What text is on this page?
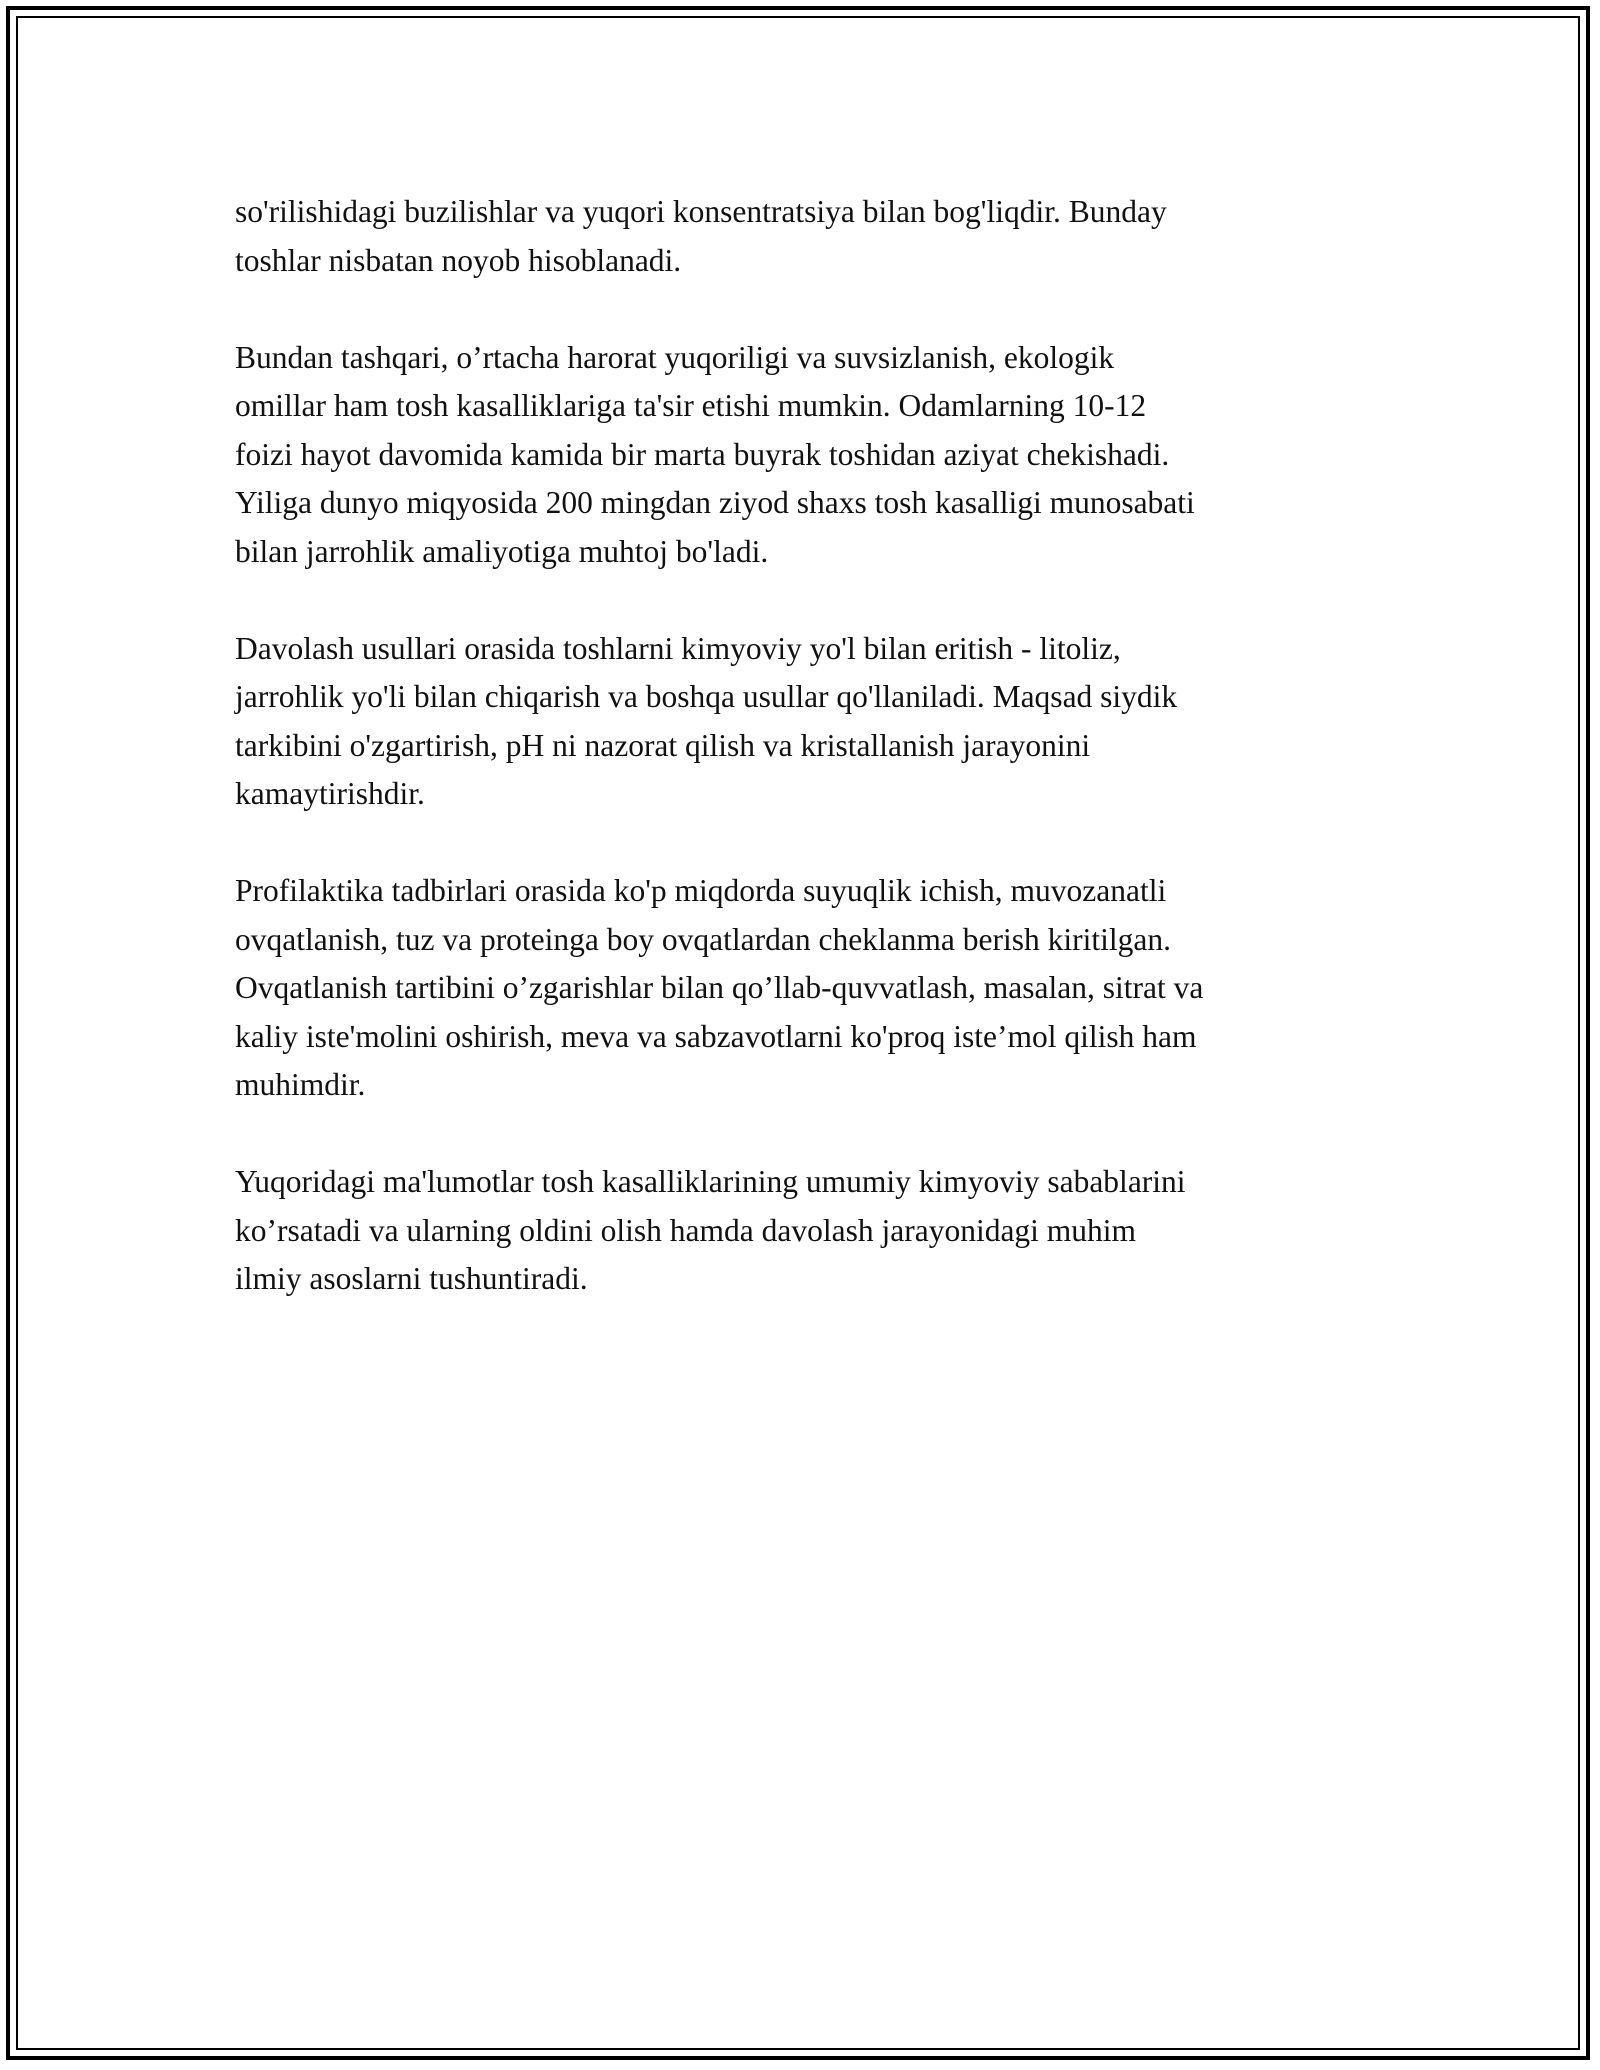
so'rilishidagi buzilishlar va yuqori konsentratsiya bilan bog'liqdir. Bunday
toshlar nisbatan noyob hisoblanadi.

Bundan tashqari, o’rtacha harorat yuqoriligi va suvsizlanish, ekologik
omillar ham tosh kasalliklariga ta'sir etishi mumkin. Odamlarning 10-12
foizi hayot davomida kamida bir marta buyrak toshidan aziyat chekishadi.
Yiliga dunyo miqyosida 200 mingdan ziyod shaxs tosh kasalligi munosabati
bilan jarrohlik amaliyotiga muhtoj bo'ladi.

Davolash usullari orasida toshlarni kimyoviy yo'l bilan eritish - litoliz,
jarrohlik yo'li bilan chiqarish va boshqa usullar qo'llaniladi. Maqsad siydik
tarkibini o'zgartirish, pH ni nazorat qilish va kristallanish jarayonini
kamaytirishdir.

Profilaktika tadbirlari orasida ko'p miqdorda suyuqlik ichish, muvozanatli
ovqatlanish, tuz va proteinga boy ovqatlardan cheklanma berish kiritilgan.
Ovqatlanish tartibini o’zgarishlar bilan qo’llab-quvvatlash, masalan, sitrat va
kaliy iste'molini oshirish, meva va sabzavotlarni ko'proq iste’mol qilish ham
muhimdir.

Yuqoridagi ma'lumotlar tosh kasalliklarining umumiy kimyoviy sabablarini
ko’rsatadi va ularning oldini olish hamda davolash jarayonidagi muhim
ilmiy asoslarni tushuntiradi.
